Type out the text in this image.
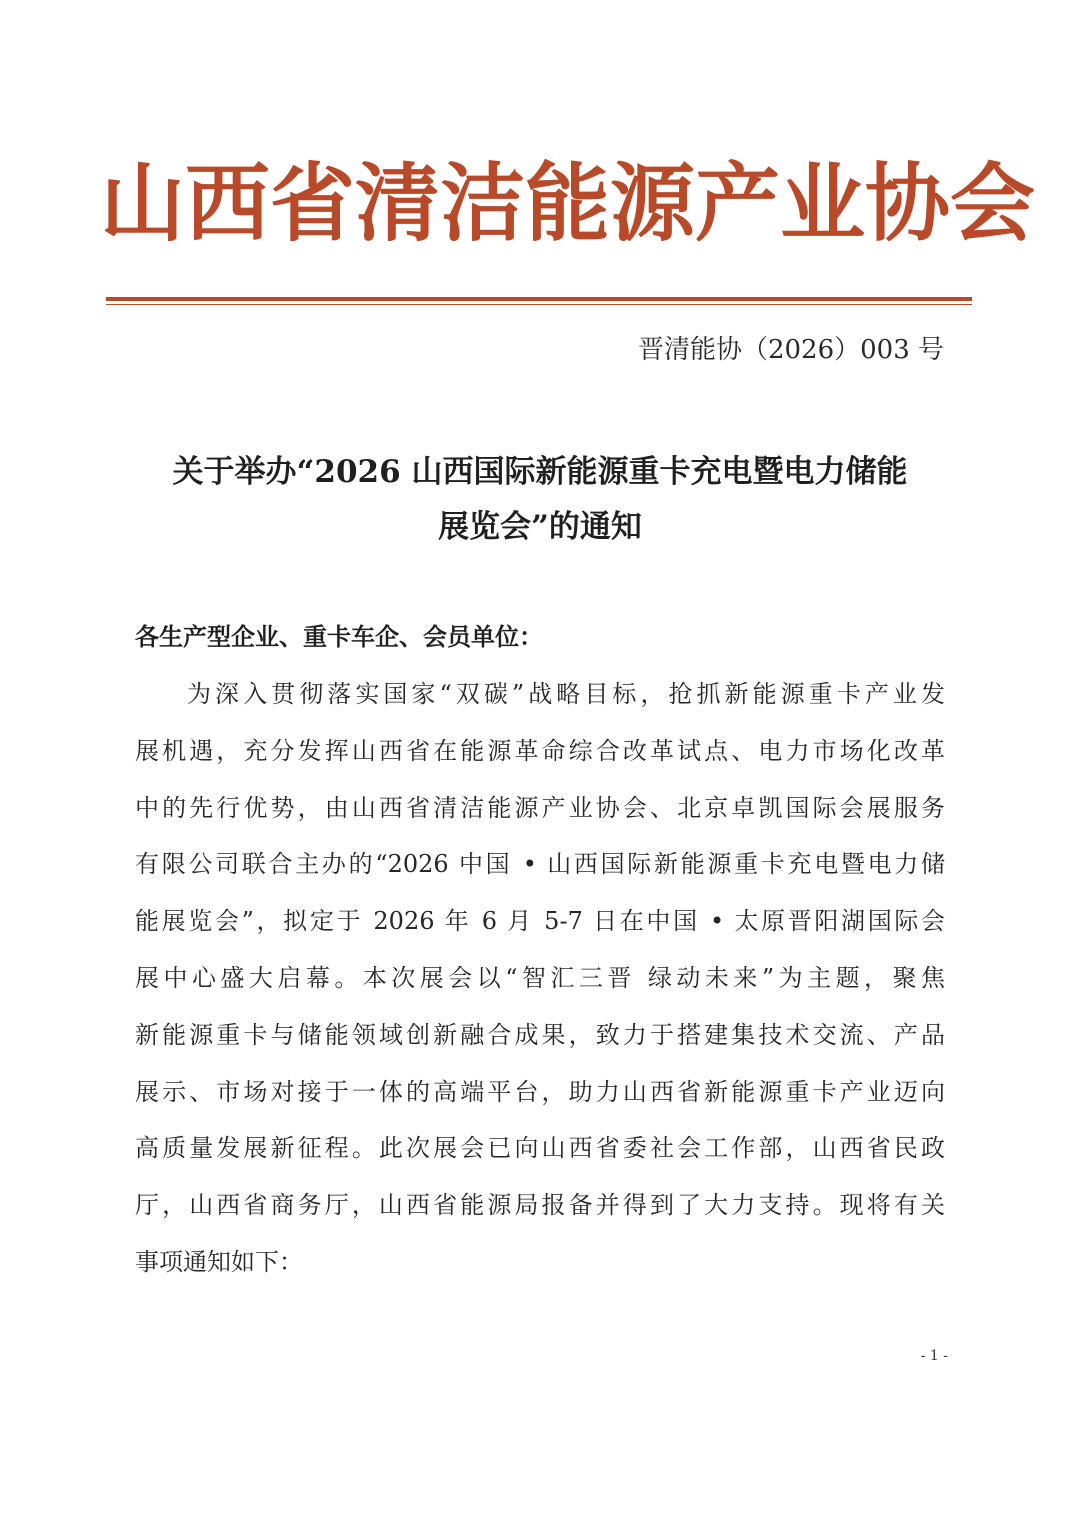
山西省清洁能源产业协会
晋清能协（2026）003 号
关于举办“2026 山西国际新能源重卡充电暨电力储能
展览会”的通知
各生产型企业、重卡车企、会员单位：
为深入贯彻落实国家“双碳”战略目标，抢抓新能源重卡产业发
展机遇，充分发挥山西省在能源革命综合改革试点、电力市场化改革
中的先行优势，由山西省清洁能源产业协会、北京卓凯国际会展服务
有限公司联合主办的“2026 中国 • 山西国际新能源重卡充电暨电力储
能展览会”，拟定于 2026 年 6 月 5-7 日在中国 • 太原晋阳湖国际会
展中心盛大启幕。本次展会以“智汇三晋 绿动未来”为主题，聚焦
新能源重卡与储能领域创新融合成果，致力于搭建集技术交流、产品
展示、市场对接于一体的高端平台，助力山西省新能源重卡产业迈向
高质量发展新征程。此次展会已向山西省委社会工作部，山西省民政
厅，山西省商务厅，山西省能源局报备并得到了大力支持。现将有关
事项通知如下：
- 1 -
